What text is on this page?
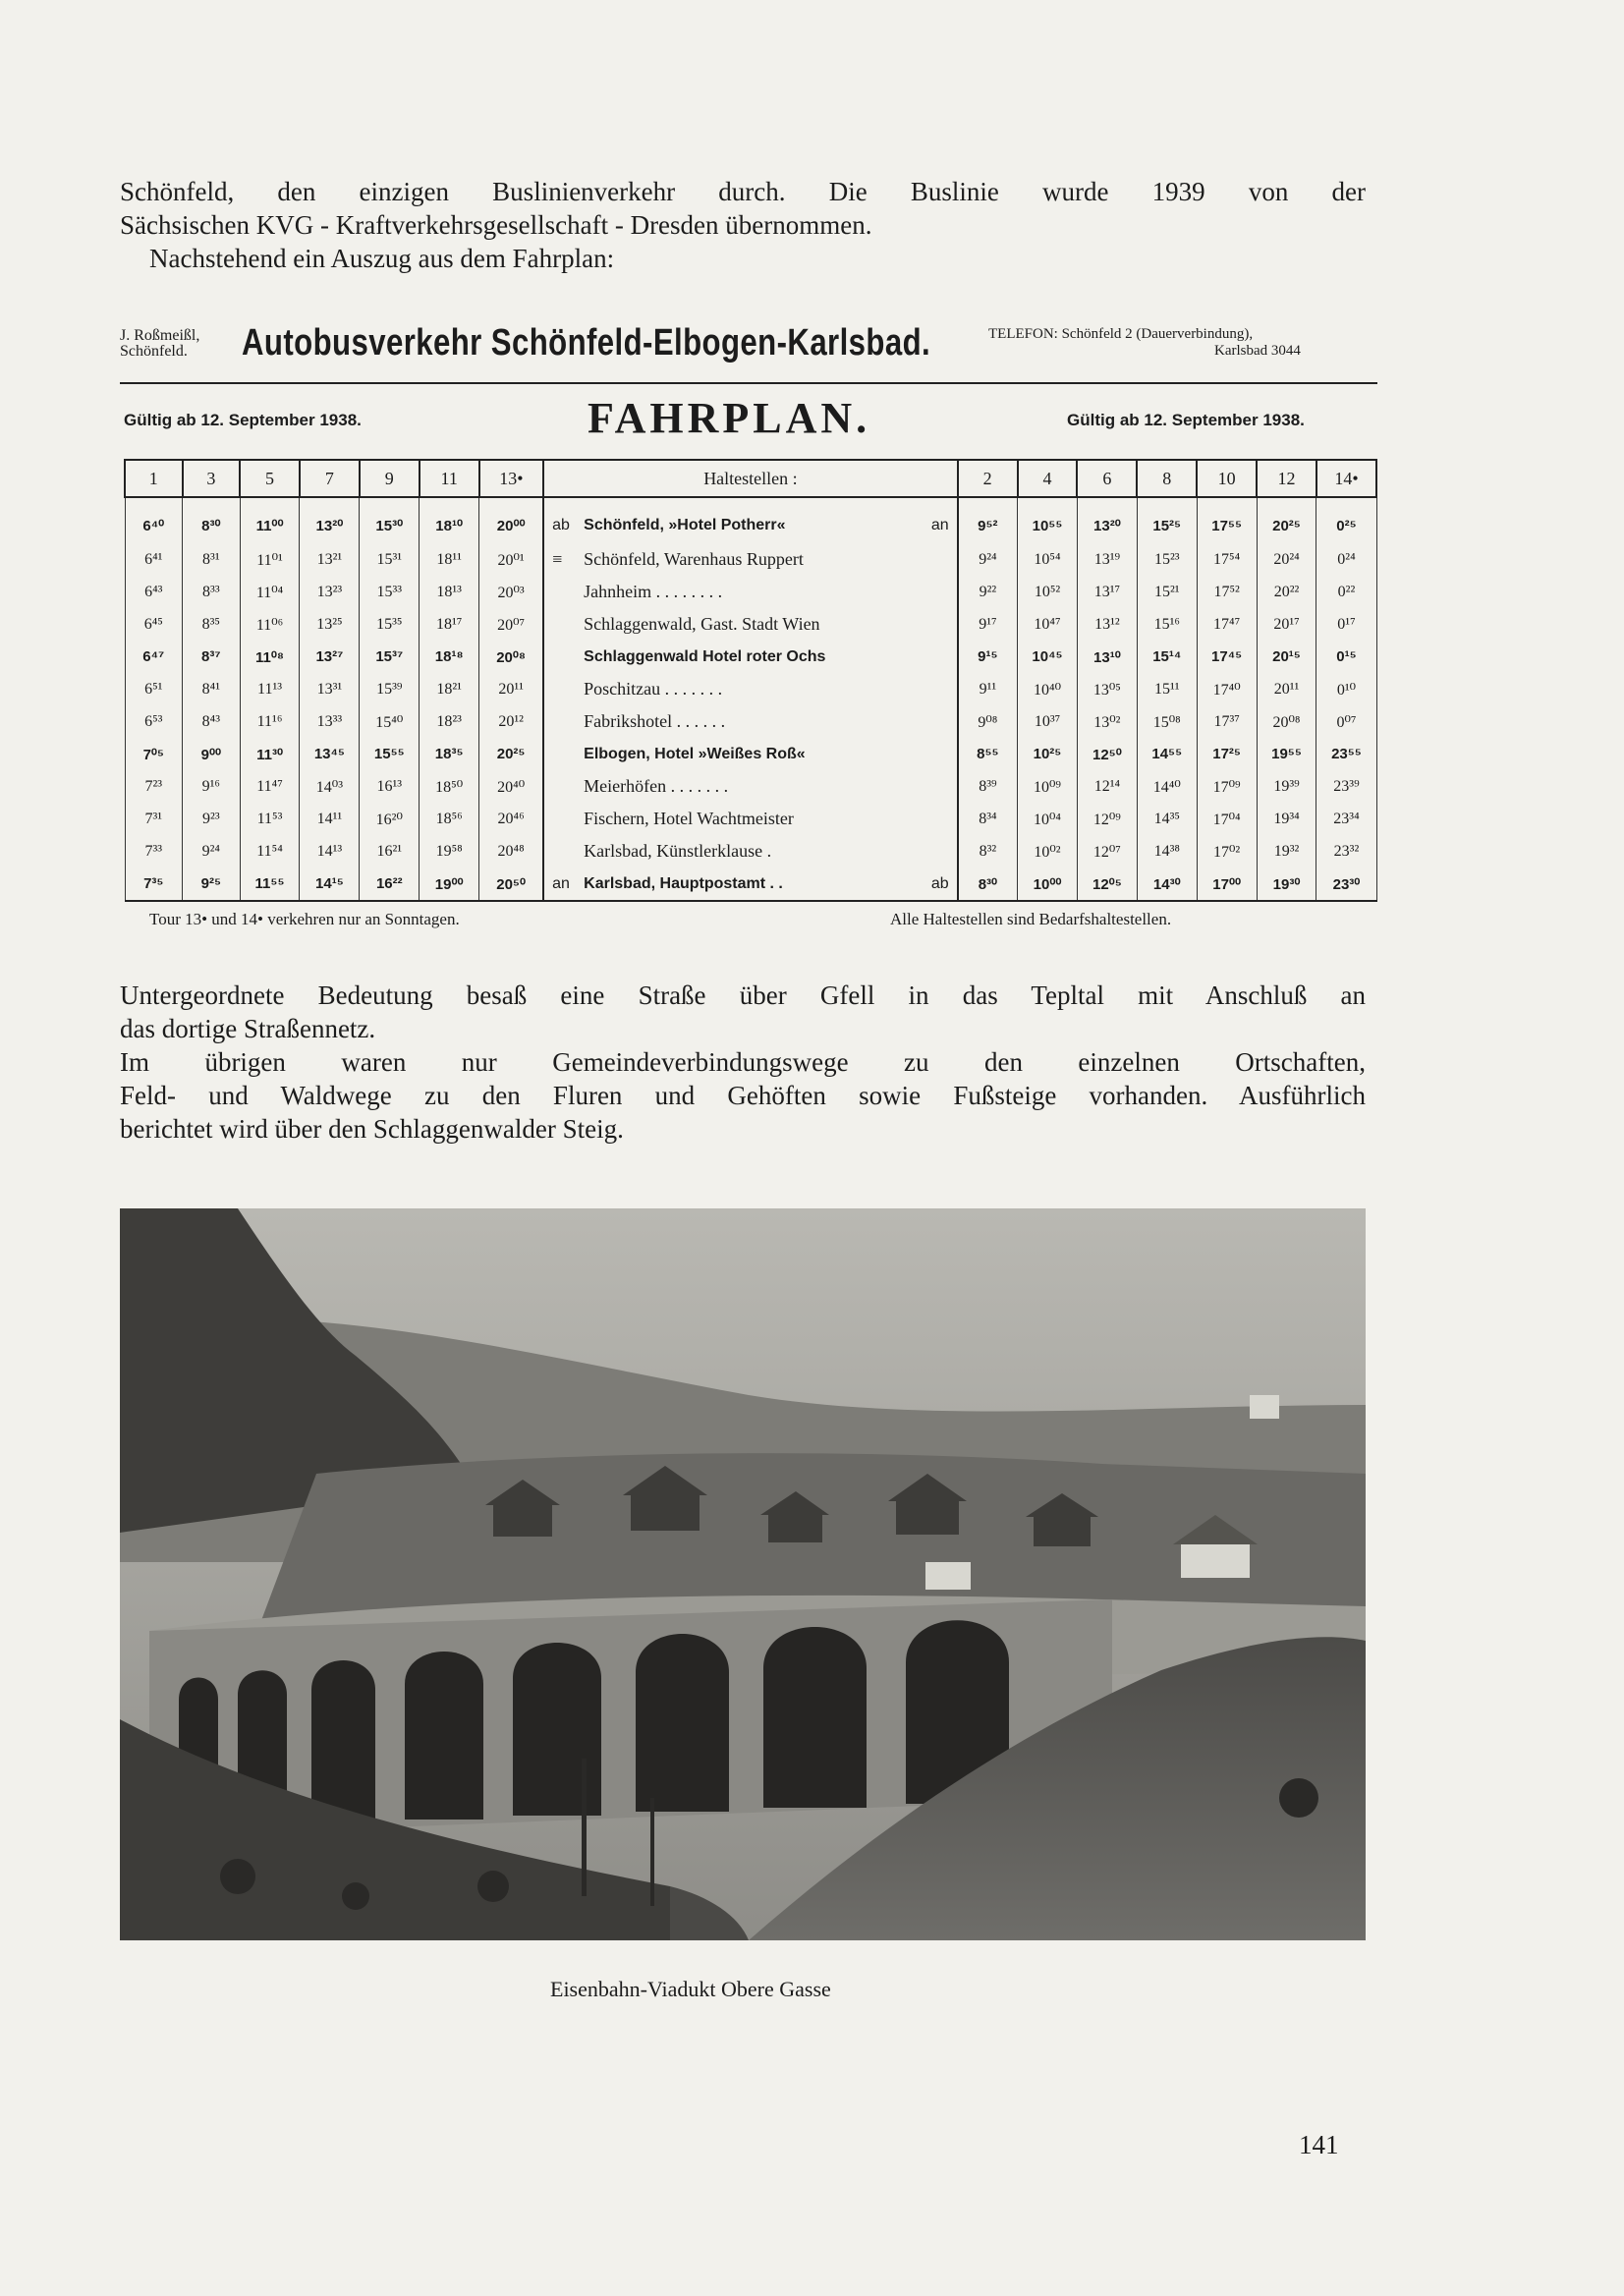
Schönfeld, den einzigen Buslinienverkehr durch. Die Buslinie wurde 1939 von der
Sächsischen KVG - Kraftverkehrsgesellschaft - Dresden übernommen.
Nachstehend ein Auszug aus dem Fahrplan:
J. Roßmeißl,
Schönfeld.	Autobusverkehr Schönfeld-Elbogen-Karlsbad.	TELEFON: Schönfeld 2 (Dauerverbindung),
Karlsbad 3044
Gültig ab 12. September 1938.	FAHRPLAN.	Gültig ab 12. September 1938.
1	3	5	7	9	11	13•	Haltestellen :	2	4	6	8	10	12	14•
6⁴⁰	8³⁰	11⁰⁰	13²⁰	15³⁰	18¹⁰	20⁰⁰	ab Schönfeld, »Hotel Potherr« an	9⁵²	10⁵⁵	13²⁰	15²⁵	17⁵⁵	20²⁵	0²⁵
6⁴¹	8³¹	11⁰¹	13²¹	15³¹	18¹¹	20⁰¹	≡ Schönfeld, Warenhaus Ruppert	9²⁴	10⁵⁴	13¹⁹	15²³	17⁵⁴	20²⁴	0²⁴
6⁴³	8³³	11⁰⁴	13²³	15³³	18¹³	20⁰³	Jahnheim . . . . . . . .	9²²	10⁵²	13¹⁷	15²¹	17⁵²	20²²	0²²
6⁴⁵	8³⁵	11⁰⁶	13²⁵	15³⁵	18¹⁷	20⁰⁷	Schlaggenwald, Gast. Stadt Wien	9¹⁷	10⁴⁷	13¹²	15¹⁶	17⁴⁷	20¹⁷	0¹⁷
6⁴⁷	8³⁷	11⁰⁸	13²⁷	15³⁷	18¹⁸	20⁰⁸	Schlaggenwald Hotel roter Ochs	9¹⁵	10⁴⁵	13¹⁰	15¹⁴	17⁴⁵	20¹⁵	0¹⁵
6⁵¹	8⁴¹	11¹³	13³¹	15³⁹	18²¹	20¹¹	Poschitzau . . . . . . .	9¹¹	10⁴⁰	13⁰⁵	15¹¹	17⁴⁰	20¹¹	0¹⁰
6⁵³	8⁴³	11¹⁶	13³³	15⁴⁰	18²³	20¹²	Fabrikshotel . . . . . .	9⁰⁸	10³⁷	13⁰²	15⁰⁸	17³⁷	20⁰⁸	0⁰⁷
7⁰⁵	9⁰⁰	11³⁰	13⁴⁵	15⁵⁵	18³⁵	20²⁵	Elbogen, Hotel »Weißes Roß«	8⁵⁵	10²⁵	12⁵⁰	14⁵⁵	17²⁵	19⁵⁵	23⁵⁵
7²³	9¹⁶	11⁴⁷	14⁰³	16¹³	18⁵⁰	20⁴⁰	Meierhöfen . . . . . . .	8³⁹	10⁰⁹	12¹⁴	14⁴⁰	17⁰⁹	19³⁹	23³⁹
7³¹	9²³	11⁵³	14¹¹	16²⁰	18⁵⁶	20⁴⁶	Fischern, Hotel Wachtmeister	8³⁴	10⁰⁴	12⁰⁹	14³⁵	17⁰⁴	19³⁴	23³⁴
7³³	9²⁴	11⁵⁴	14¹³	16²¹	19⁵⁸	20⁴⁸	Karlsbad, Künstlerklause .	8³²	10⁰²	12⁰⁷	14³⁸	17⁰²	19³²	23³²
7³⁵	9²⁵	11⁵⁵	14¹⁵	16²²	19⁰⁰	20⁵⁰	an Karlsbad, Hauptpostamt . . ab	8³⁰	10⁰⁰	12⁰⁵	14³⁰	17⁰⁰	19³⁰	23³⁰
Tour 13• und 14• verkehren nur an Sonntagen.	Alle Haltestellen sind Bedarfshaltestellen.
Untergeordnete Bedeutung besaß eine Straße über Gfell in das Tepltal mit Anschluß an
das dortige Straßennetz.
Im übrigen waren nur Gemeindeverbindungswege zu den einzelnen Ortschaften,
Feld- und Waldwege zu den Fluren und Gehöften sowie Fußsteige vorhanden. Ausführlich
berichtet wird über den Schlaggenwalder Steig.
Eisenbahn-Viadukt Obere Gasse
141
